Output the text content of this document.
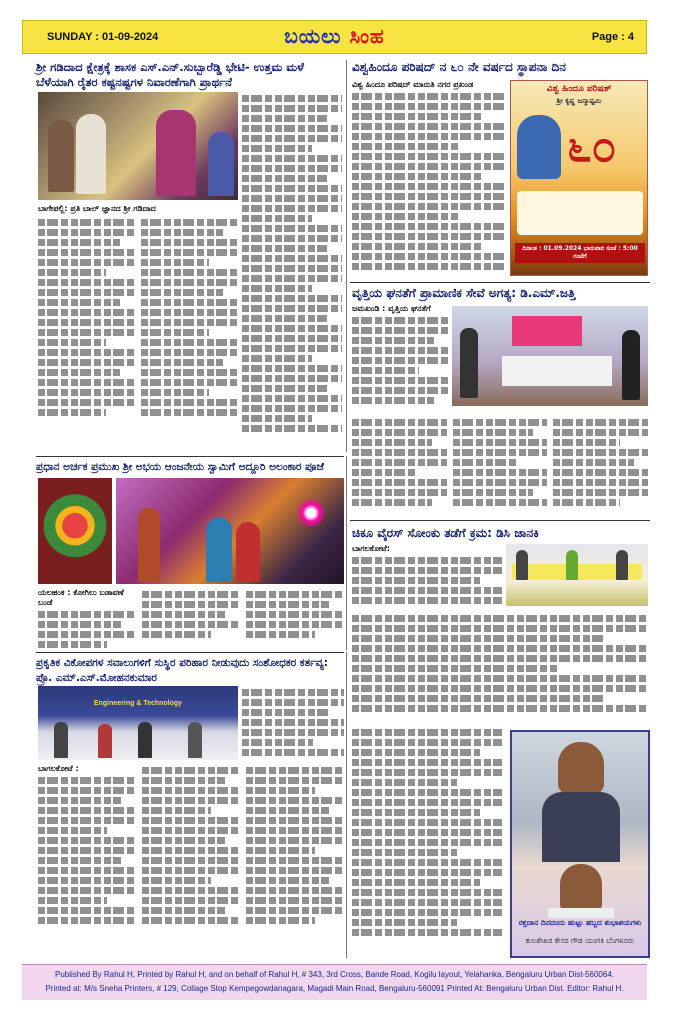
SUNDAY : 01-09-2024	ಬಯಲು ಸಿಂಹ	Page : 4
ಶ್ರೀ ಗಡಿದಾದ ಕ್ಷೇತ್ರಕ್ಕೆ ಶಾಸಕ ಎಸ್.ಎನ್.ಸುಬ್ಬಾರೆಡ್ಡಿ ಭೇಟಿ- ಉತ್ತಮ ಮಳೆ ಬೆಳೆಯಾಗಿ ರೈತರ ಕಷ್ಟನಷ್ಟಗಳ ನಿವಾರಣೆಗಾಗಿ ಪ್ರಾರ್ಥನೆ
ಬಾಗೇಪಲ್ಲಿ: ಪ್ರತಿ ಬಾಲ್ ಜ್ಞಾನದ ಶ್ರೀ ಗಡಿದಾದ
ವಿಶ್ವಹಿಂದೂ ಪರಿಷದ್ ನ ೬೦ ನೇ ವರ್ಷದ ಸ್ಥಾಪನಾ ದಿನ
ವಿಶ್ವ ಹಿಂದೂ ಪರಿಷದ್ ಮಾರುತಿ ನಗರ ಪ್ರಖಂಡ	ವಿಶ್ವ ಹಿಂದೂ ಪರಿಷತ್
ಶ್ರೀ ಕೃಷ್ಣ ಜನ್ಮಾಷ್ಟಮಿ
೬೦
ದಿನಾಂಕ : 01.09.2024 ಭಾನುವಾರ ಸಂಜೆ : 5:00 ಗಂಟೆಗೆ
ವೃತ್ತಿಯ ಘನತೆಗೆ ಪ್ರಾಮಾಣಿಕ ಸೇವೆ ಅಗತ್ಯ: ಡಿ.ಎಮ್.ಜತ್ತಿ
ಜಮಖಂಡಿ : ವೃತ್ತಿಯ ಘನತೆಗೆ
ಪ್ರಧಾನ ಅರ್ಚಕ ಪ್ರಮುಖ ಶ್ರೀ ಅಭಯ ಆಂಜನೇಯ ಸ್ವಾಮಿಗೆ ಅದ್ದೂರಿ ಅಲಂಕಾರ ಪೂಜೆ
ಯಲಹಂಕ : ಕೋಗಿಲು ಬಡಾವಣೆ ಬಂಡೆ
ಚಿಕೂ ವೈರಸ್ ಸೋಂಕು ತಡೆಗೆ ಕ್ರಮ: ಡಿಸಿ ಜಾನಕಿ
ಬಾಗಲಕೋಟೆ:
ಪ್ರಕೃತಿಕ ವಿಕೋಪಗಳ ಸವಾಲುಗಳಿಗೆ ಸುಸ್ಥಿರ ಪರಿಹಾರ ನೀಡುವುದು ಸಂಶೋಧಕರ ಕರ್ತವ್ಯ: ಪ್ರೊ. ಎಮ್.ಎಸ್.ಮೋಹನಕುಮಾರ
Engineering & Technology
ಬಾಗಲಕೋಟೆ :
ರಕ್ತದಾನ ದಿನದಂದು ಹುಟ್ಟು ಹಬ್ಬದ ಶುಭಾಶಯಗಳು
ಕುಲಶೇಖರ ಕೇಸರ ಗೌಡ ಯಂಗಕಿ ಬೆಂಗಳೂರು
Published By Rahul H, Printed by Rahul H, and on behalf of Rahul H, # 343, 3rd Cross, Bande Road, Kogilu layout, Yelahanka, Bengaluru Urban Dist-560064.
Printed at: M/s Sneha Printers, # 129, Collage Stop Kempegowdanagara, Magadi Main Road, Bengaluru-560091 Printed At: Bengaluru Urban Dist. Editor: Rahul H.
